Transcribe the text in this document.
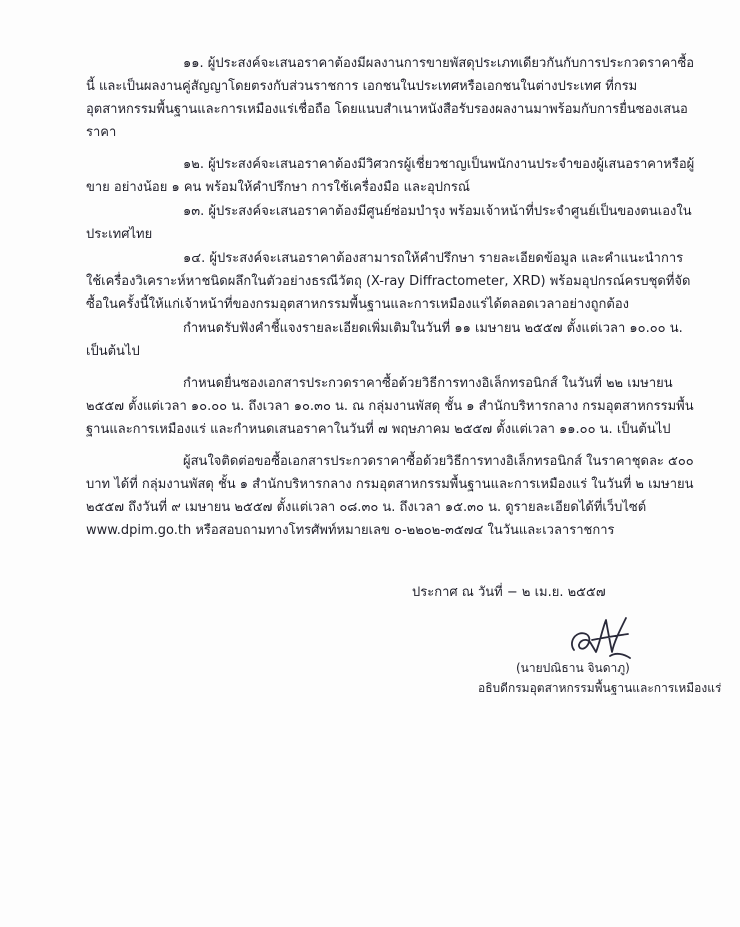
๑๑. ผู้ประสงค์จะเสนอราคาต้องมีผลงานการขายพัสดุประเภทเดียวกันกับการประกวดราคาซื้อนี้ และเป็นผลงานคู่สัญญาโดยตรงกับส่วนราชการ เอกชนในประเทศหรือเอกชนในต่างประเทศ ที่กรมอุตสาหกรรมพื้นฐานและการเหมืองแร่เชื่อถือ โดยแนบสำเนาหนังสือรับรองผลงานมาพร้อมกับการยื่นซองเสนอราคา

๑๒. ผู้ประสงค์จะเสนอราคาต้องมีวิศวกรผู้เชี่ยวชาญเป็นพนักงานประจำของผู้เสนอราคาหรือผู้ขาย อย่างน้อย ๑ คน พร้อมให้คำปรึกษา การใช้เครื่องมือ และอุปกรณ์

๑๓. ผู้ประสงค์จะเสนอราคาต้องมีศูนย์ซ่อมบำรุง พร้อมเจ้าหน้าที่ประจำศูนย์เป็นของตนเองในประเทศไทย

๑๔. ผู้ประสงค์จะเสนอราคาต้องสามารถให้คำปรึกษา รายละเอียดข้อมูล และคำแนะนำการใช้เครื่องวิเคราะห์หาชนิดผลึกในตัวอย่างธรณีวัตถุ (X-ray Diffractometer, XRD) พร้อมอุปกรณ์ครบชุดที่จัดซื้อในครั้งนี้ให้แก่เจ้าหน้าที่ของกรมอุตสาหกรรมพื้นฐานและการเหมืองแร่ได้ตลอดเวลาอย่างถูกต้อง

กำหนดรับฟังคำชี้แจงรายละเอียดเพิ่มเติมในวันที่ ๑๑ เมษายน ๒๕๕๗ ตั้งแต่เวลา ๑๐.๐๐ น. เป็นต้นไป

กำหนดยื่นซองเอกสารประกวดราคาซื้อด้วยวิธีการทางอิเล็กทรอนิกส์ ในวันที่ ๒๒ เมษายน ๒๕๕๗ ตั้งแต่เวลา ๑๐.๐๐ น. ถึงเวลา ๑๐.๓๐ น. ณ กลุ่มงานพัสดุ ชั้น ๑ สำนักบริหารกลาง กรมอุตสาหกรรมพื้นฐานและการเหมืองแร่ และกำหนดเสนอราคาในวันที่ ๗ พฤษภาคม ๒๕๕๗ ตั้งแต่เวลา ๑๑.๐๐ น. เป็นต้นไป

ผู้สนใจติดต่อขอซื้อเอกสารประกวดราคาซื้อด้วยวิธีการทางอิเล็กทรอนิกส์ ในราคาชุดละ ๕๐๐ บาท ได้ที่ กลุ่มงานพัสดุ ชั้น ๑ สำนักบริหารกลาง กรมอุตสาหกรรมพื้นฐานและการเหมืองแร่ ในวันที่ ๒ เมษายน ๒๕๕๗ ถึงวันที่ ๙ เมษายน ๒๕๕๗ ตั้งแต่เวลา ๐๘.๓๐ น. ถึงเวลา ๑๕.๓๐ น. ดูรายละเอียดได้ที่เว็บไซต์ www.dpim.go.th หรือสอบถามทางโทรศัพท์หมายเลข ๐-๒๒๐๒-๓๕๗๔ ในวันและเวลาราชการ

ประกาศ ณ วันที่ − ๒ เม.ย. ๒๕๕๗
(นายปณิธาน จินดาภู)
อธิบดีกรมอุตสาหกรรมพื้นฐานและการเหมืองแร่
